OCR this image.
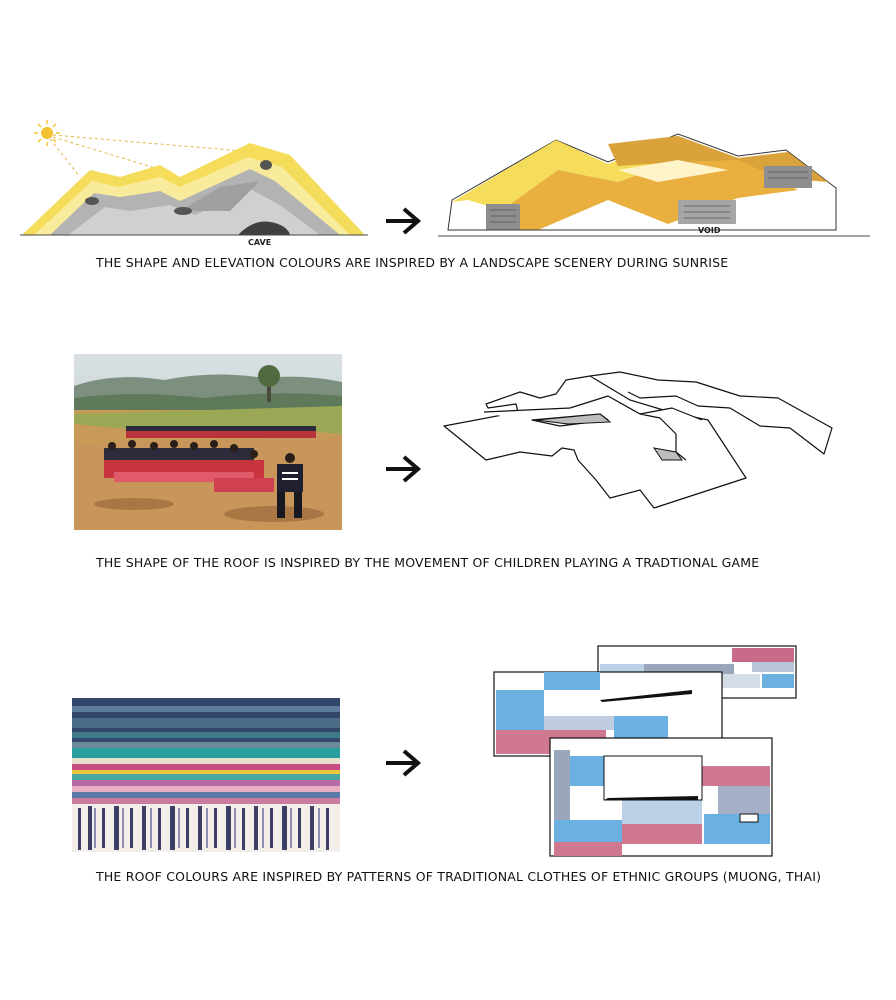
CAVE
VOID
THE SHAPE AND ELEVATION COLOURS ARE INSPIRED BY A LANDSCAPE SCENERY DURING SUNRISE
THE SHAPE OF THE ROOF IS INSPIRED BY THE MOVEMENT OF CHILDREN PLAYING A TRADTIONAL GAME
THE ROOF COLOURS ARE INSPIRED BY PATTERNS OF TRADITIONAL CLOTHES OF ETHNIC GROUPS (MUONG, THAI)
